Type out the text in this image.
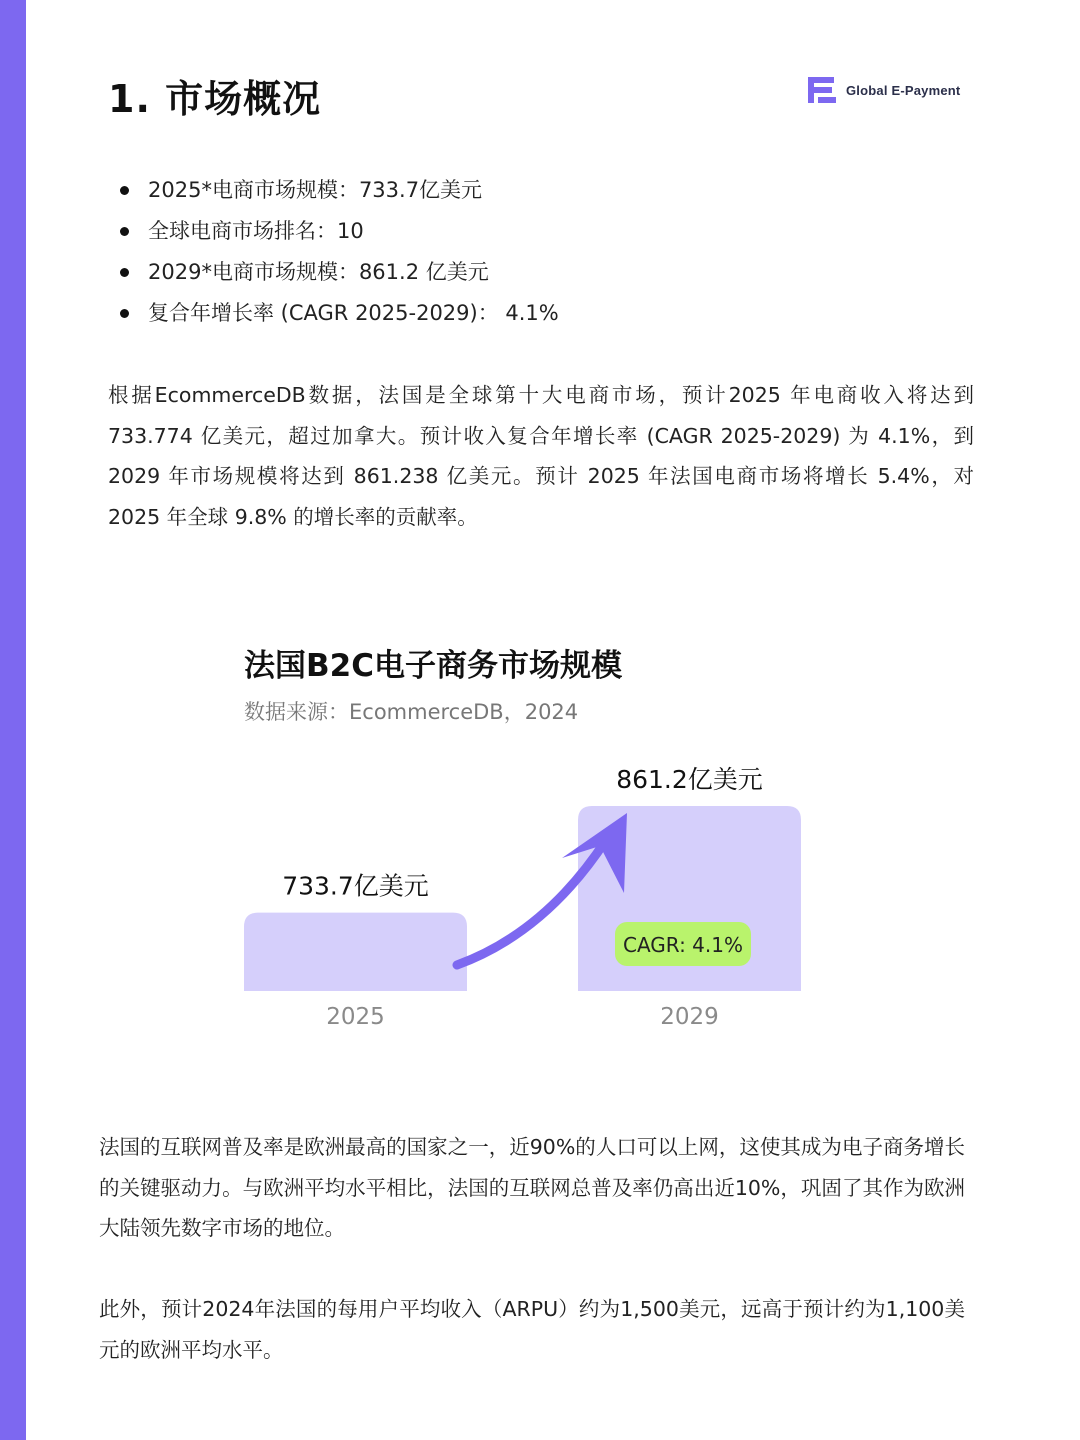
1. 市场概况	Global E-Payment
2025*电商市场规模：733.7亿美元
全球电商市场排名：10
2029*电商市场规模：861.2 亿美元
复合年增长率 (CAGR 2025-2029)： 4.1%

根据EcommerceDB数据，法国是全球第十大电商市场，预计2025 年电商收入将达到 733.774 亿美元，超过加拿大。预计收入复合年增长率 (CAGR 2025-2029) 为 4.1%，到 2029 年市场规模将达到 861.238 亿美元。预计 2025 年法国电商市场将增长 5.4%，对 2025 年全球 9.8% 的增长率的贡献率。

法国B2C电子商务市场规模
数据来源：EcommerceDB，2024
733.7亿美元
2025
861.2亿美元
2029
CAGR: 4.1%

法国的互联网普及率是欧洲最高的国家之一，近90%的人口可以上网，这使其成为电子商务增长的关键驱动力。与欧洲平均水平相比，法国的互联网总普及率仍高出近10%，巩固了其作为欧洲大陆领先数字市场的地位。

此外，预计2024年法国的每用户平均收入（ARPU）约为1,500美元，远高于预计约为1,100美元的欧洲平均水平。
